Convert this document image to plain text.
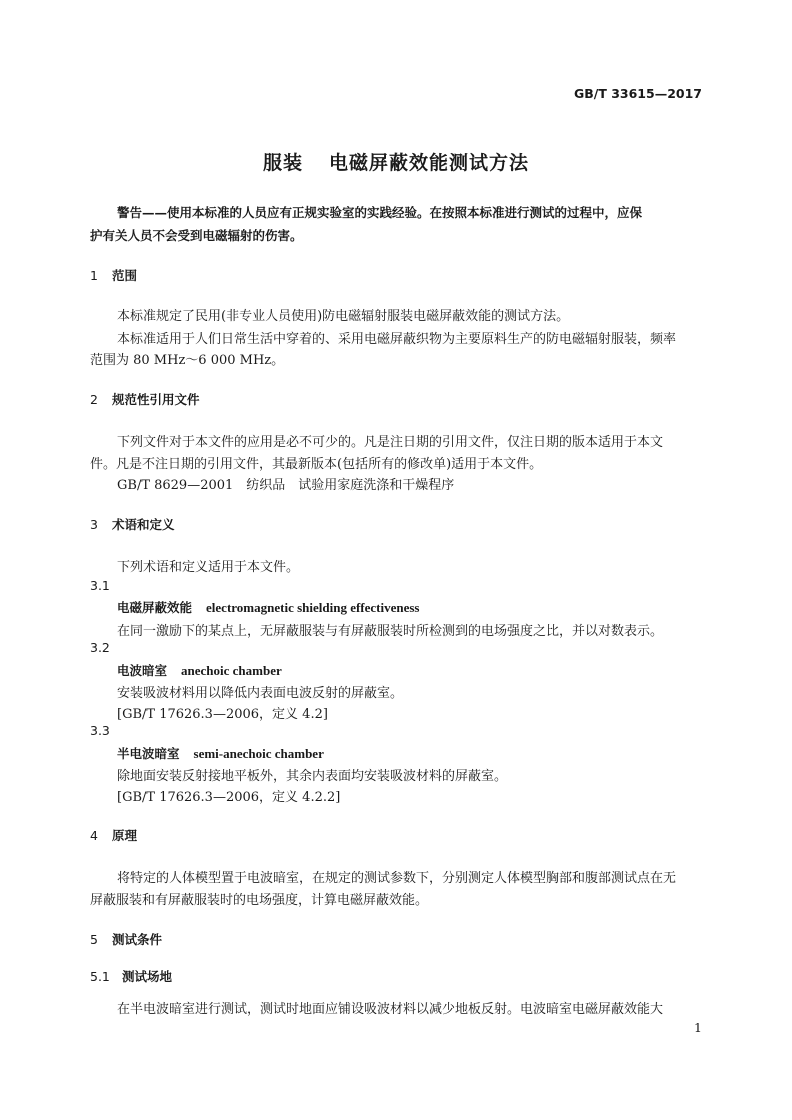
GB/T 33615—2017
服装 电磁屏蔽效能测试方法
警告——使用本标准的人员应有正规实验室的实践经验。在按照本标准进行测试的过程中，应保
护有关人员不会受到电磁辐射的伤害。
1 范围
本标准规定了民用(非专业人员使用)防电磁辐射服装电磁屏蔽效能的测试方法。
本标准适用于人们日常生活中穿着的、采用电磁屏蔽织物为主要原料生产的防电磁辐射服装，频率
范围为 80 MHz～6 000 MHz。
2 规范性引用文件
下列文件对于本文件的应用是必不可少的。凡是注日期的引用文件，仅注日期的版本适用于本文
件。凡是不注日期的引用文件，其最新版本(包括所有的修改单)适用于本文件。
GB/T 8629—2001　纺织品　试验用家庭洗涤和干燥程序
3 术语和定义
下列术语和定义适用于本文件。
3.1
电磁屏蔽效能 electromagnetic shielding effectiveness
在同一激励下的某点上，无屏蔽服装与有屏蔽服装时所检测到的电场强度之比，并以对数表示。
3.2
电波暗室 anechoic chamber
安装吸波材料用以降低内表面电波反射的屏蔽室。
[GB/T 17626.3—2006，定义 4.2]
3.3
半电波暗室 semi-anechoic chamber
除地面安装反射接地平板外，其余内表面均安装吸波材料的屏蔽室。
[GB/T 17626.3—2006，定义 4.2.2]
4 原理
将特定的人体模型置于电波暗室，在规定的测试参数下，分别测定人体模型胸部和腹部测试点在无
屏蔽服装和有屏蔽服装时的电场强度，计算电磁屏蔽效能。
5 测试条件
5.1 测试场地
在半电波暗室进行测试，测试时地面应铺设吸波材料以减少地板反射。电波暗室电磁屏蔽效能大
1
